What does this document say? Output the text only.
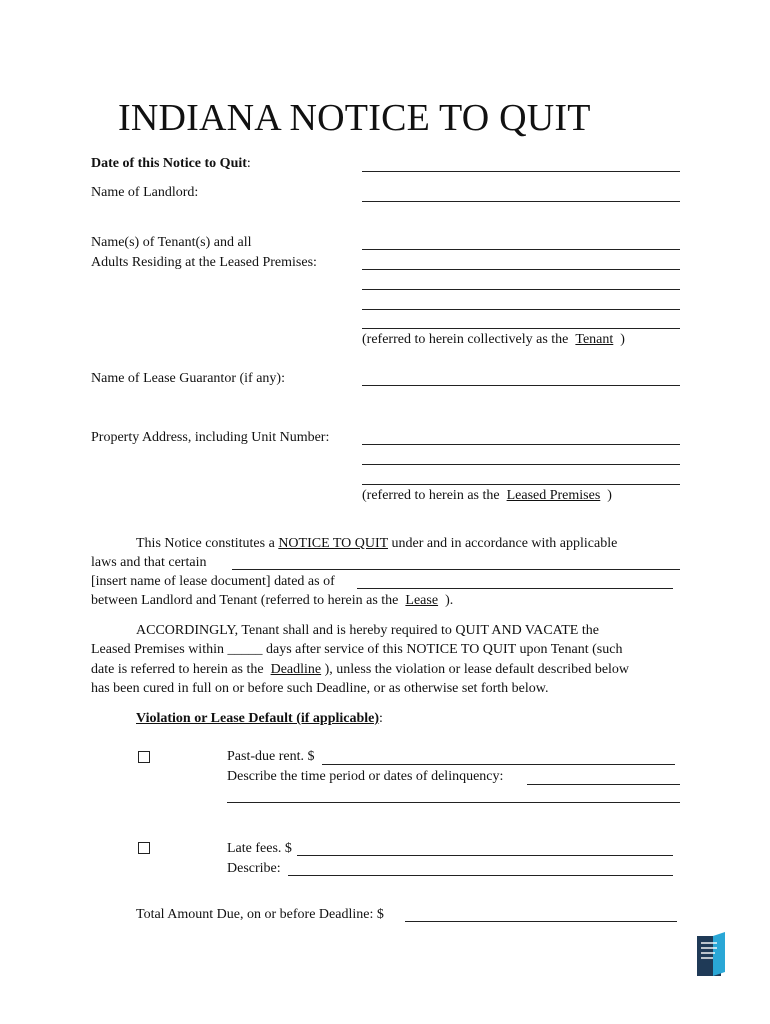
INDIANA NOTICE TO QUIT
Date of this Notice to Quit:
Name of Landlord:
Name(s) of Tenant(s) and all
Adults Residing at the Leased Premises:
(referred to herein collectively as the Tenant )
Name of Lease Guarantor (if any):
Property Address, including Unit Number:
(referred to herein as the Leased Premises )
This Notice constitutes a NOTICE TO QUIT under and in accordance with applicable
laws and that certain
[insert name of lease document] dated as of
between Landlord and Tenant (referred to herein as the Lease ).
ACCORDINGLY, Tenant shall and is hereby required to QUIT AND VACATE the
Leased Premises within _____ days after service of this NOTICE TO QUIT upon Tenant (such
date is referred to herein as the Deadline ), unless the violation or lease default described below
has been cured in full on or before such Deadline, or as otherwise set forth below.
Violation or Lease Default (if applicable):
Past-due rent. $
Describe the time period or dates of delinquency:
Late fees. $
Describe:
Total Amount Due, on or before Deadline: $
